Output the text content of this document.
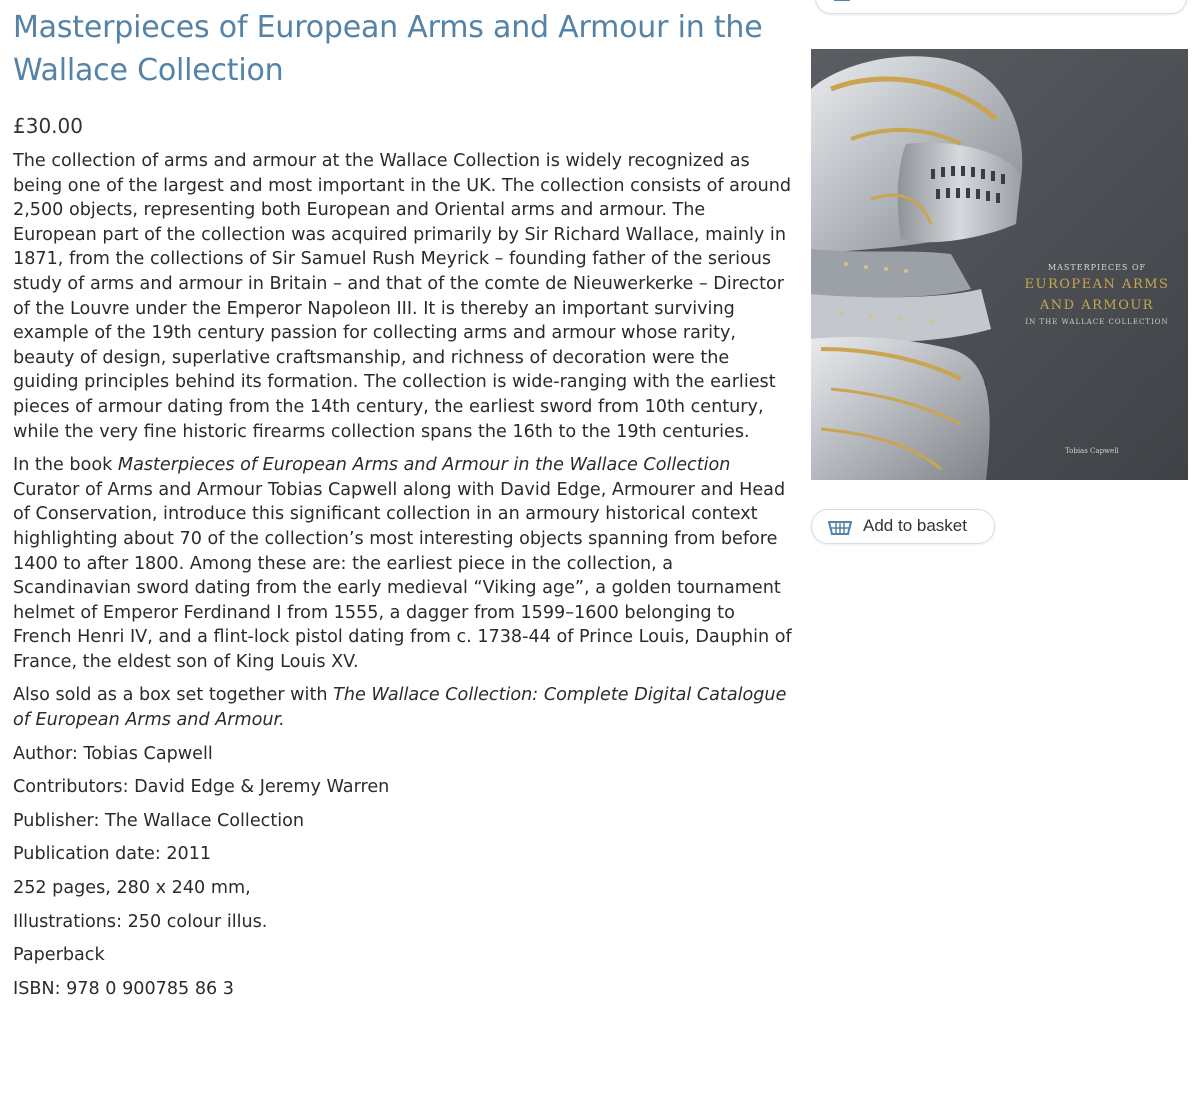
Masterpieces of European Arms and Armour in the Wallace Collection
£30.00

The collection of arms and armour at the Wallace Collection is widely recognized as being one of the largest and most important in the UK. The collection consists of around 2,500 objects, representing both European and Oriental arms and armour. The European part of the collection was acquired primarily by Sir Richard Wallace, mainly in 1871, from the collections of Sir Samuel Rush Meyrick – founding father of the serious study of arms and armour in Britain – and that of the comte de Nieuwerkerke – Director of the Louvre under the Emperor Napoleon III. It is thereby an important surviving example of the 19th century passion for collecting arms and armour whose rarity, beauty of design, superlative craftsmanship, and richness of decoration were the guiding principles behind its formation. The collection is wide-ranging with the earliest pieces of armour dating from the 14th century, the earliest sword from 10th century, while the very fine historic firearms collection spans the 16th to the 19th centuries.

In the book Masterpieces of European Arms and Armour in the Wallace Collection Curator of Arms and Armour Tobias Capwell along with David Edge, Armourer and Head of Conservation, introduce this significant collection in an armoury historical context highlighting about 70 of the collection’s most interesting objects spanning from before 1400 to after 1800. Among these are: the earliest piece in the collection, a Scandinavian sword dating from the early medieval “Viking age”, a golden tournament helmet of Emperor Ferdinand I from 1555, a dagger from 1599–1600 belonging to French Henri IV, and a flint-lock pistol dating from c. 1738-44 of Prince Louis, Dauphin of France, the eldest son of King Louis XV.

Also sold as a box set together with The Wallace Collection: Complete Digital Catalogue of European Arms and Armour.

Author: Tobias Capwell
Contributors: David Edge & Jeremy Warren
Publisher: The Wallace Collection
Publication date: 2011
252 pages, 280 x 240 mm,
Illustrations: 250 colour illus.
Paperback
ISBN: 978 0 900785 86 3
MASTERPIECES OF
EUROPEAN ARMS
AND ARMOUR
IN THE WALLACE COLLECTION
Tobias Capwell
Add to basket
